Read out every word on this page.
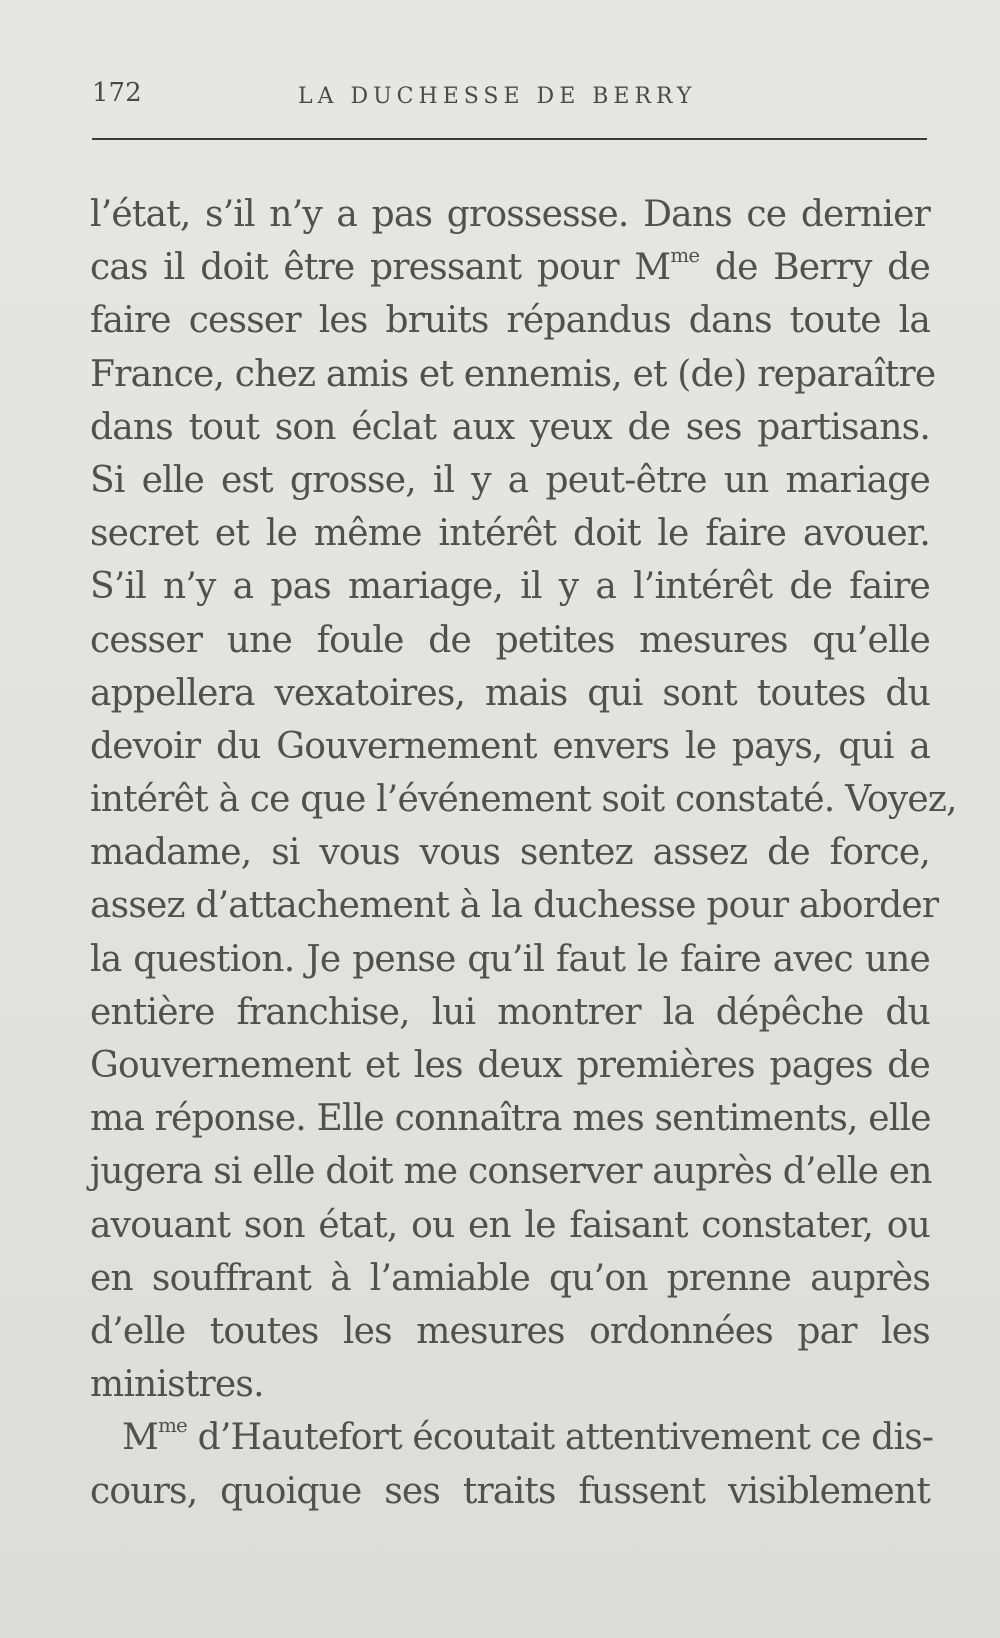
172	LA DUCHESSE DE BERRY
l’état, s’il n’y a pas grossesse. Dans ce dernier
cas il doit être pressant pour $M^{me}$ de Berry de
faire cesser les bruits répandus dans toute la
France, chez amis et ennemis, et (de) reparaître
dans tout son éclat aux yeux de ses partisans.
Si elle est grosse, il y a peut-être un mariage
secret et le même intérêt doit le faire avouer.
S’il n’y a pas mariage, il y a l’intérêt de faire
cesser une foule de petites mesures qu’elle
appellera vexatoires, mais qui sont toutes du
devoir du Gouvernement envers le pays, qui a
intérêt à ce que l’événement soit constaté. Voyez,
madame, si vous vous sentez assez de force,
assez d’attachement à la duchesse pour aborder
la question. Je pense qu’il faut le faire avec une
entière franchise, lui montrer la dépêche du
Gouvernement et les deux premières pages de
ma réponse. Elle connaîtra mes sentiments, elle
jugera si elle doit me conserver auprès d’elle en
avouant son état, ou en le faisant constater, ou
en souffrant à l’amiable qu’on prenne auprès
d’elle toutes les mesures ordonnées par les
ministres.
$M^{me}$ d’Hautefort écoutait attentivement ce dis-
cours, quoique ses traits fussent visiblement
